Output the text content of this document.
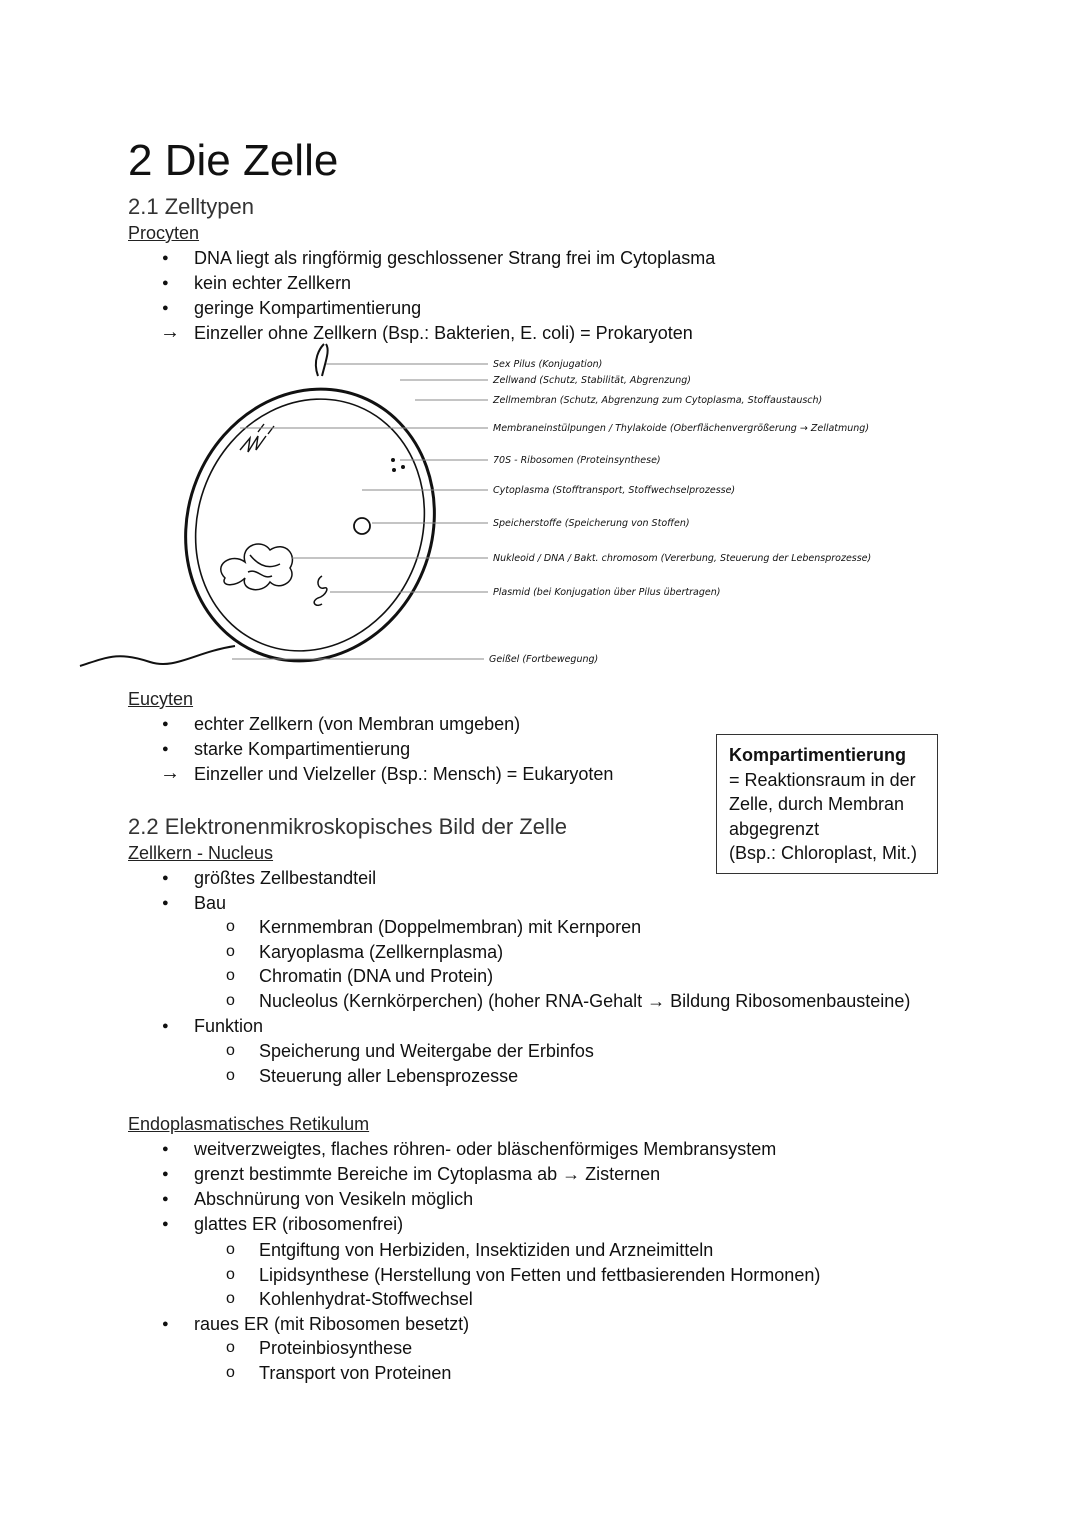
2 Die Zelle
2.1 Zelltypen
Procyten
● DNA liegt als ringförmig geschlossener Strang frei im Cytoplasma
● kein echter Zellkern
● geringe Kompartimentierung
→ Einzeller ohne Zellkern (Bsp.: Bakterien, E. coli) = Prokaryoten
Sex Pilus (Konjugation)
Zellwand (Schutz, Stabilität, Abgrenzung)
Zellmembran (Schutz, Abgrenzung zum Cytoplasma, Stoffaustausch)
Membraneinstülpungen / Thylakoide (Oberflächenvergrößerung → Zellatmung)
70S - Ribosomen (Proteinsynthese)
Cytoplasma (Stofftransport, Stoffwechselprozesse)
Speicherstoffe (Speicherung von Stoffen)
Nukleoid / DNA / Bakt. chromosom (Vererbung, Steuerung der Lebensprozesse)
Plasmid (bei Konjugation über Pilus übertragen)
Geißel (Fortbewegung)
Eucyten
● echter Zellkern (von Membran umgeben)
● starke Kompartimentierung
→ Einzeller und Vielzeller (Bsp.: Mensch) = Eukaryoten
Kompartimentierung
= Reaktionsraum in der
Zelle, durch Membran
abgegrenzt
(Bsp.: Chloroplast, Mit.)
2.2 Elektronenmikroskopisches Bild der Zelle
Zellkern - Nucleus
● größtes Zellbestandteil
● Bau
o Kernmembran (Doppelmembran) mit Kernporen
o Karyoplasma (Zellkernplasma)
o Chromatin (DNA und Protein)
o Nucleolus (Kernkörperchen) (hoher RNA-Gehalt → Bildung Ribosomenbausteine)
● Funktion
o Speicherung und Weitergabe der Erbinfos
o Steuerung aller Lebensprozesse
Endoplasmatisches Retikulum
● weitverzweigtes, flaches röhren- oder bläschenförmiges Membransystem
● grenzt bestimmte Bereiche im Cytoplasma ab → Zisternen
● Abschnürung von Vesikeln möglich
● glattes ER (ribosomenfrei)
o Entgiftung von Herbiziden, Insektiziden und Arzneimitteln
o Lipidsynthese (Herstellung von Fetten und fettbasierenden Hormonen)
o Kohlenhydrat-Stoffwechsel
● raues ER (mit Ribosomen besetzt)
o Proteinbiosynthese
o Transport von Proteinen
